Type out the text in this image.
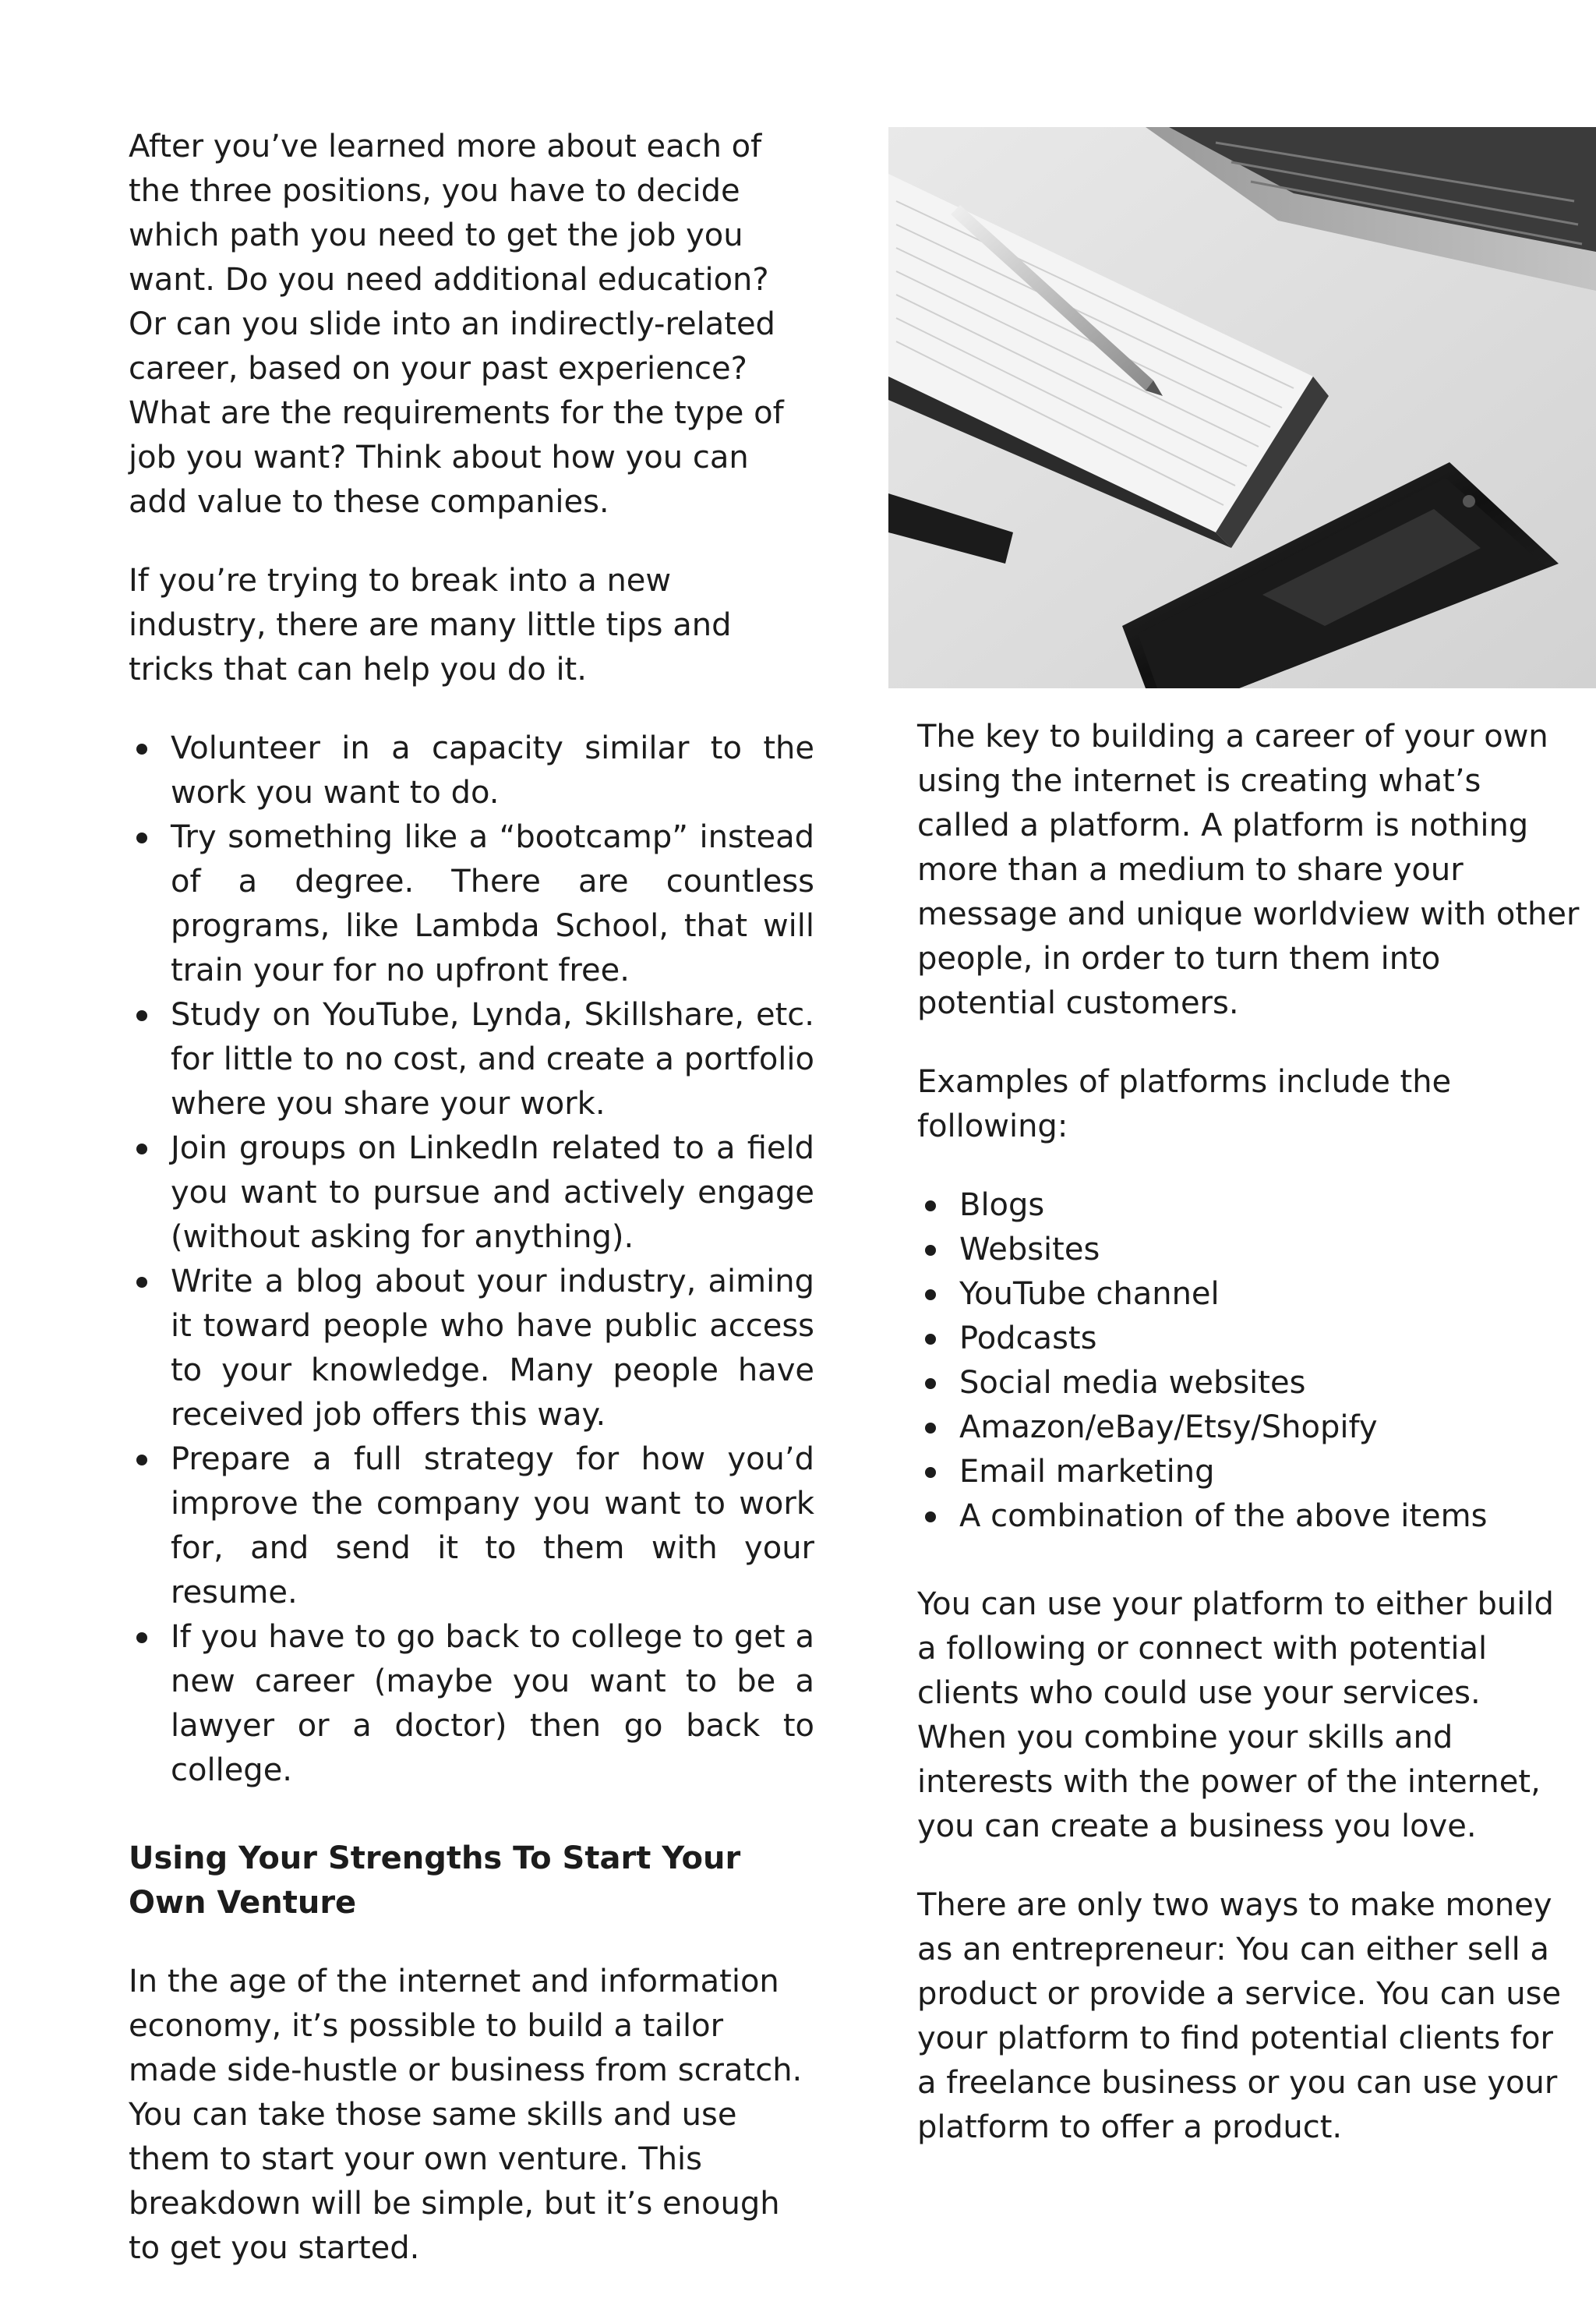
After you’ve learned more about each of the three positions, you have to decide which path you need to get the job you want. Do you need additional education? Or can you slide into an indirectly-related career, based on your past experience? What are the requirements for the type of job you want? Think about how you can add value to these companies.

If you’re trying to break into a new industry, there are many little tips and tricks that can help you do it.

Volunteer in a capacity similar to the work you want to do.
Try something like a “bootcamp” instead of a degree. There are countless programs, like Lambda School, that will train your for no upfront free.
Study on YouTube, Lynda, Skillshare, etc. for little to no cost, and create a portfolio where you share your work.
Join groups on LinkedIn related to a field you want to pursue and actively engage (without asking for anything).
Write a blog about your industry, aiming it toward people who have public access to your knowledge. Many people have received job offers this way.
Prepare a full strategy for how you’d improve the company you want to work for, and send it to them with your resume.
If you have to go back to college to get a new career (maybe you want to be a lawyer or a doctor) then go back to college.
Using Your Strengths To Start Your Own Venture

In the age of the internet and information economy, it’s possible to build a tailor made side-hustle or business from scratch. You can take those same skills and use them to start your own venture. This breakdown will be simple, but it’s enough to get you started.

The key to building a career of your own using the internet is creating what’s called a platform. A platform is nothing more than a medium to share your message and unique worldview with other people, in order to turn them into potential customers.

Examples of platforms include the following:

Blogs
Websites
YouTube channel
Podcasts
Social media websites
Amazon/eBay/Etsy/Shopify
Email marketing
A combination of the above items

You can use your platform to either build a following or connect with potential clients who could use your services. When you combine your skills and interests with the power of the internet, you can create a business you love.

There are only two ways to make money as an entrepreneur: You can either sell a product or provide a service. You can use your platform to find potential clients for a freelance business or you can use your platform to offer a product.
